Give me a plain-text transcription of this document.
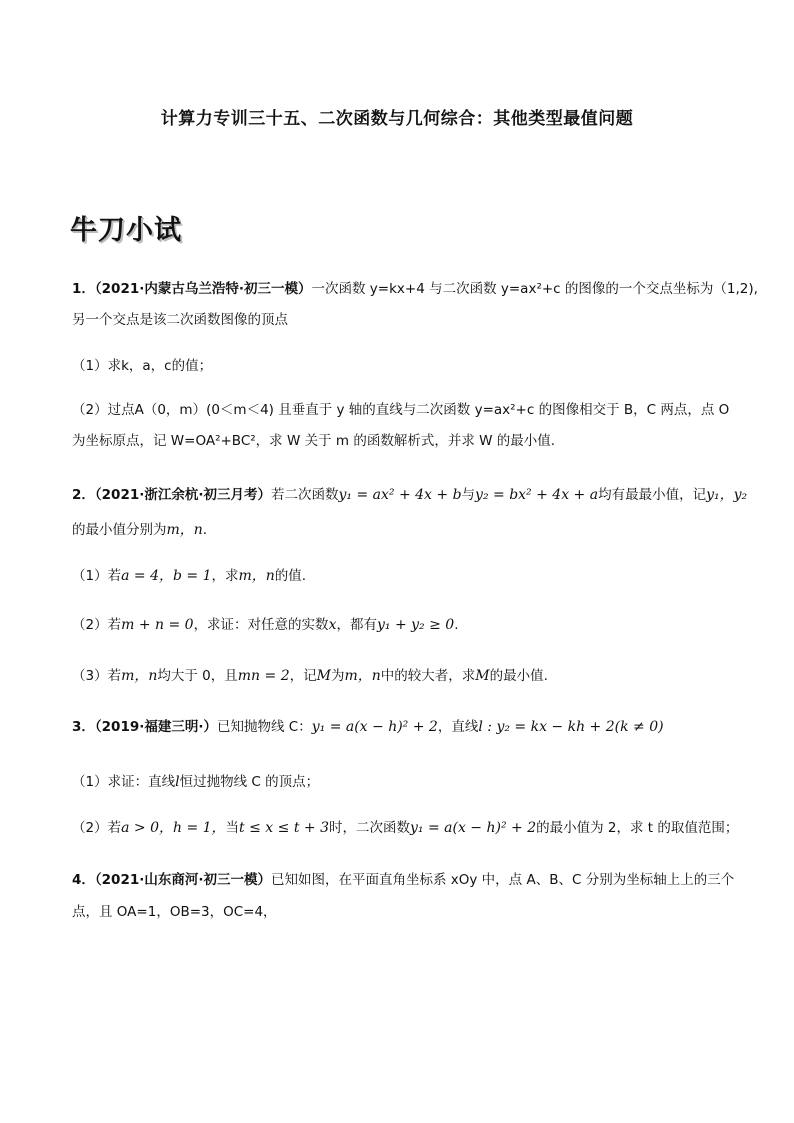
计算力专训三十五、二次函数与几何综合：其他类型最值问题
牛刀小试
1．（2021·内蒙古乌兰浩特·初三一模）一次函数 y=kx+4 与二次函数 y=ax²+c 的图像的一个交点坐标为（1,2),
另一个交点是该二次函数图像的顶点
（1）求k，a，c的值；
（2）过点A（0，m）(0＜m＜4) 且垂直于 y 轴的直线与二次函数 y=ax²+c 的图像相交于 B，C 两点，点 O
为坐标原点，记 W=OA²+BC²，求 W 关于 m 的函数解析式，并求 W 的最小值.
2．（2021·浙江余杭·初三月考）若二次函数y₁ = ax² + 4x + b与y₂ = bx² + 4x + a均有最最小值，记y₁，y₂
的最小值分别为m，n.
（1）若a = 4，b = 1，求m，n的值.
（2）若m + n = 0，求证：对任意的实数x，都有y₁ + y₂ ≥ 0.
（3）若m，n均大于 0，且mn = 2，记M为m，n中的较大者，求M的最小值.
3．（2019·福建三明·）已知抛物线 C：y₁ = a(x − h)² + 2，直线l : y₂ = kx − kh + 2(k ≠ 0)
（1）求证：直线l恒过抛物线 C 的顶点；
（2）若a > 0，h = 1，当t ≤ x ≤ t + 3时，二次函数y₁ = a(x − h)² + 2的最小值为 2，求 t 的取值范围；
4．（2021·山东商河·初三一模）已知如图，在平面直角坐标系 xOy 中，点 A、B、C 分别为坐标轴上上的三个
点，且 OA=1，OB=3，OC=4，
